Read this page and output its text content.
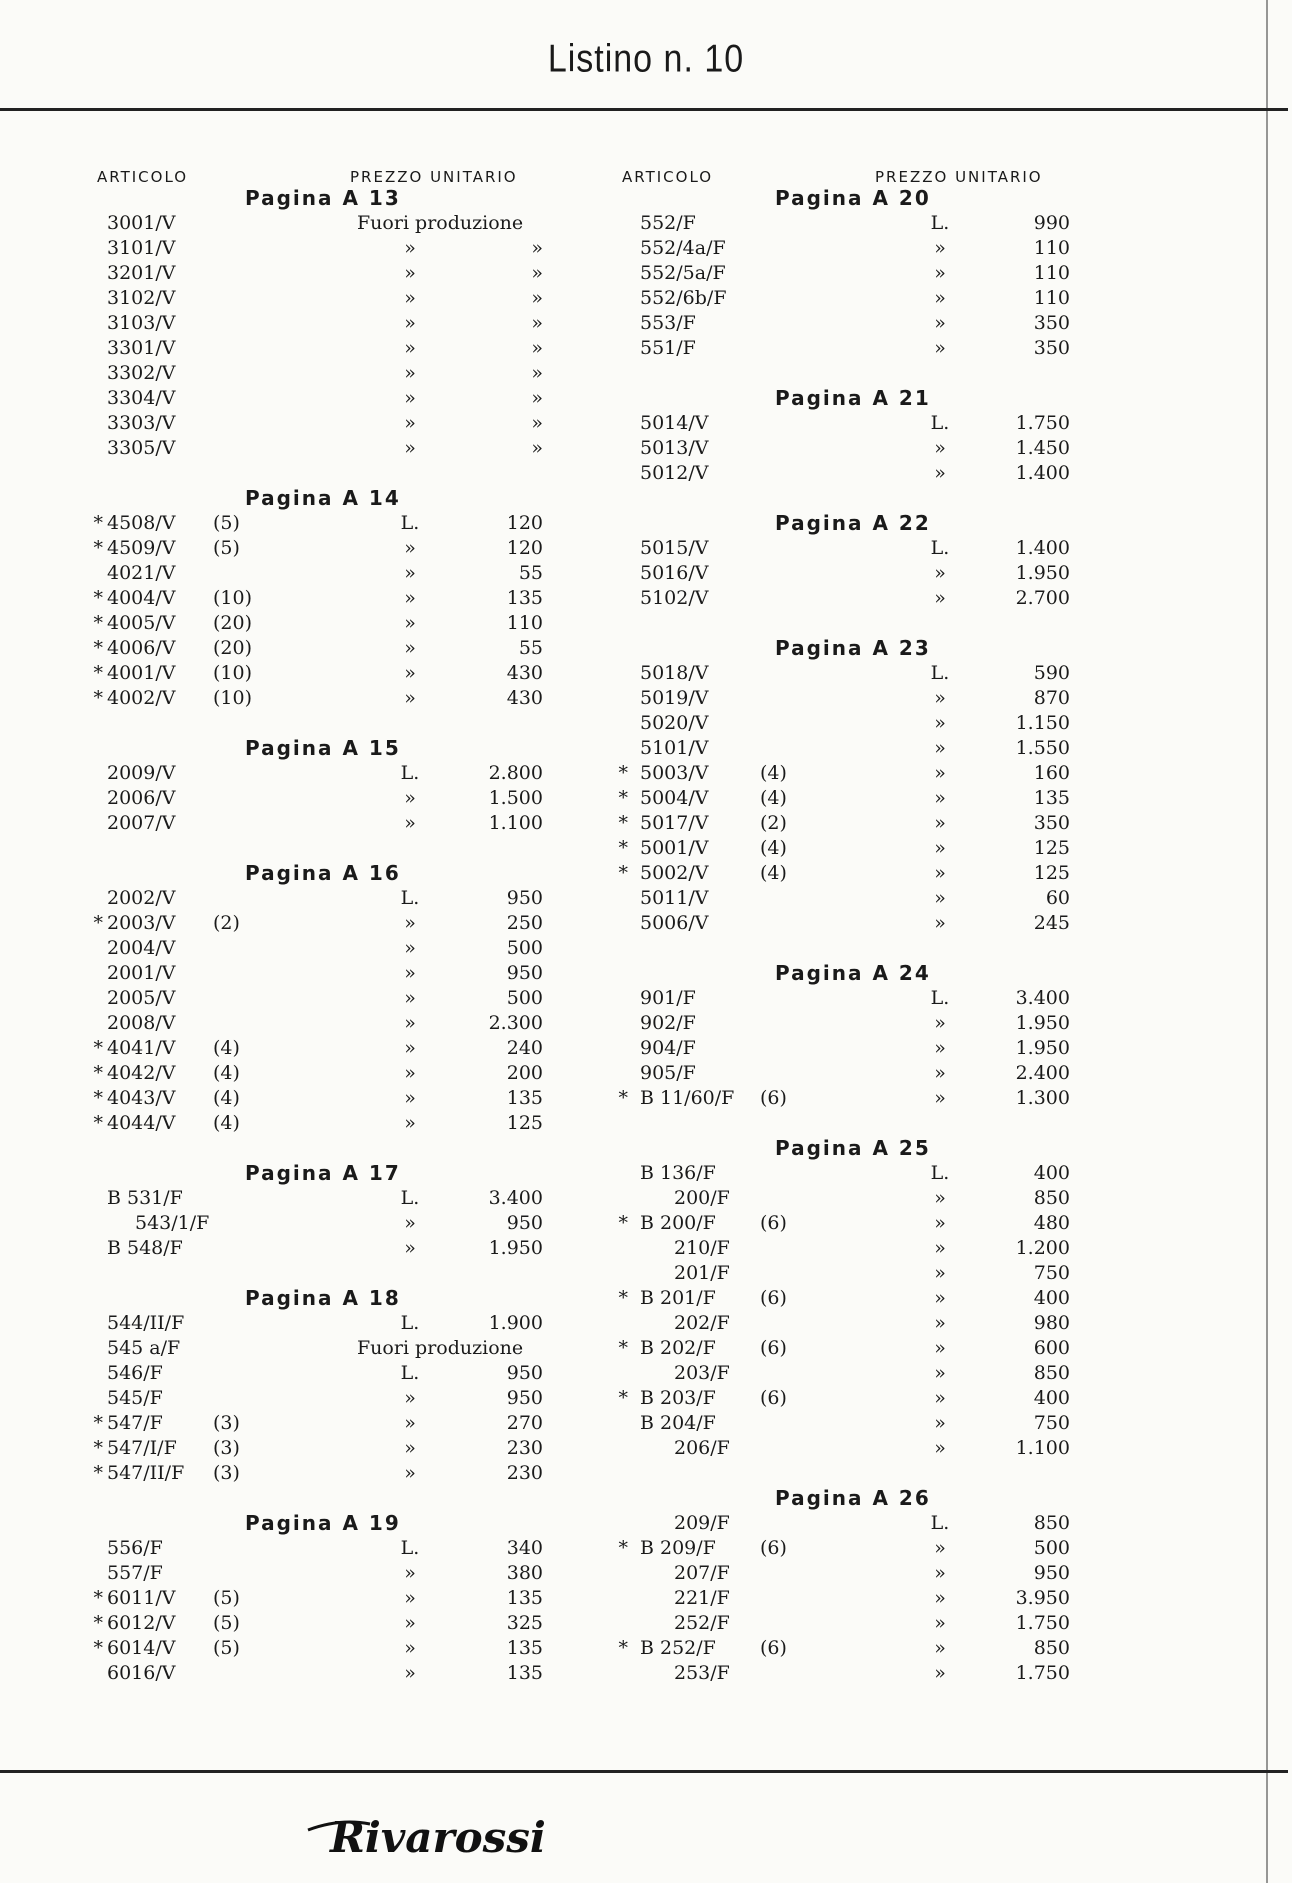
Listino n. 10
ARTICOLO	PREZZO UNITARIO
Pagina A 13
3001/V	Fuori produzione
3101/V	»	»
3201/V	»	»
3102/V	»	»
3103/V	»	»
3301/V	»	»
3302/V	»	»
3304/V	»	»
3303/V	»	»
3305/V	»	»
Pagina A 14
* 4508/V (5)	L.	120
* 4509/V (5)	»	120
4021/V	»	55
* 4004/V (10)	»	135
* 4005/V (20)	»	110
* 4006/V (20)	»	55
* 4001/V (10)	»	430
* 4002/V (10)	»	430
Pagina A 15
2009/V	L.	2.800
2006/V	»	1.500
2007/V	»	1.100
Pagina A 16
2002/V	L.	950
* 2003/V (2)	»	250
2004/V	»	500
2001/V	»	950
2005/V	»	500
2008/V	»	2.300
* 4041/V (4)	»	240
* 4042/V (4)	»	200
* 4043/V (4)	»	135
* 4044/V (4)	»	125
Pagina A 17
B 531/F	L.	3.400
543/1/F	»	950
B 548/F	»	1.950
Pagina A 18
544/II/F	L.	1.900
545 a/F	Fuori produzione
546/F	L.	950
545/F	»	950
* 547/F	(3)	»	270
* 547/I/F (3)	»	230
* 547/II/F (3)	»	230
Pagina A 19
556/F	L.	340
557/F	»	380
* 6011/V (5)	»	135
* 6012/V (5)	»	325
* 6014/V (5)	»	135
6016/V	»	135
ARTICOLO	PREZZO UNITARIO
Pagina A 20
552/F	L.	990
552/4a/F	»	110
552/5a/F	»	110
552/6b/F	»	110
553/F	»	350
551/F	»	350
Pagina A 21
5014/V	L.	1.750
5013/V	»	1.450
5012/V	»	1.400
Pagina A 22
5015/V	L.	1.400
5016/V	»	1.950
5102/V	»	2.700
Pagina A 23
5018/V	L.	590
5019/V	»	870
5020/V	»	1.150
5101/V	»	1.550
* 5003/V	(4)	»	160
* 5004/V	(4)	»	135
* 5017/V	(2)	»	350
* 5001/V	(4)	»	125
* 5002/V	(4)	»	125
5011/V	»	60
5006/V	»	245
Pagina A 24
901/F	L.	3.400
902/F	»	1.950
904/F	»	1.950
905/F	»	2.400
* B 11/60/F (6)	»	1.300
Pagina A 25
B 136/F	L.	400
200/F	»	850
* B 200/F (6)	»	480
210/F	»	1.200
201/F	»	750
* B 201/F (6)	»	400
202/F	»	980
* B 202/F (6)	»	600
203/F	»	850
* B 203/F (6)	»	400
B 204/F	»	750
206/F	»	1.100
Pagina A 26
209/F	L.	850
* B 209/F (6)	»	500
207/F	»	950
221/F	»	3.950
252/F	»	1.750
* B 252/F (6)	»	850
253/F	»	1.750
Rivarossi
